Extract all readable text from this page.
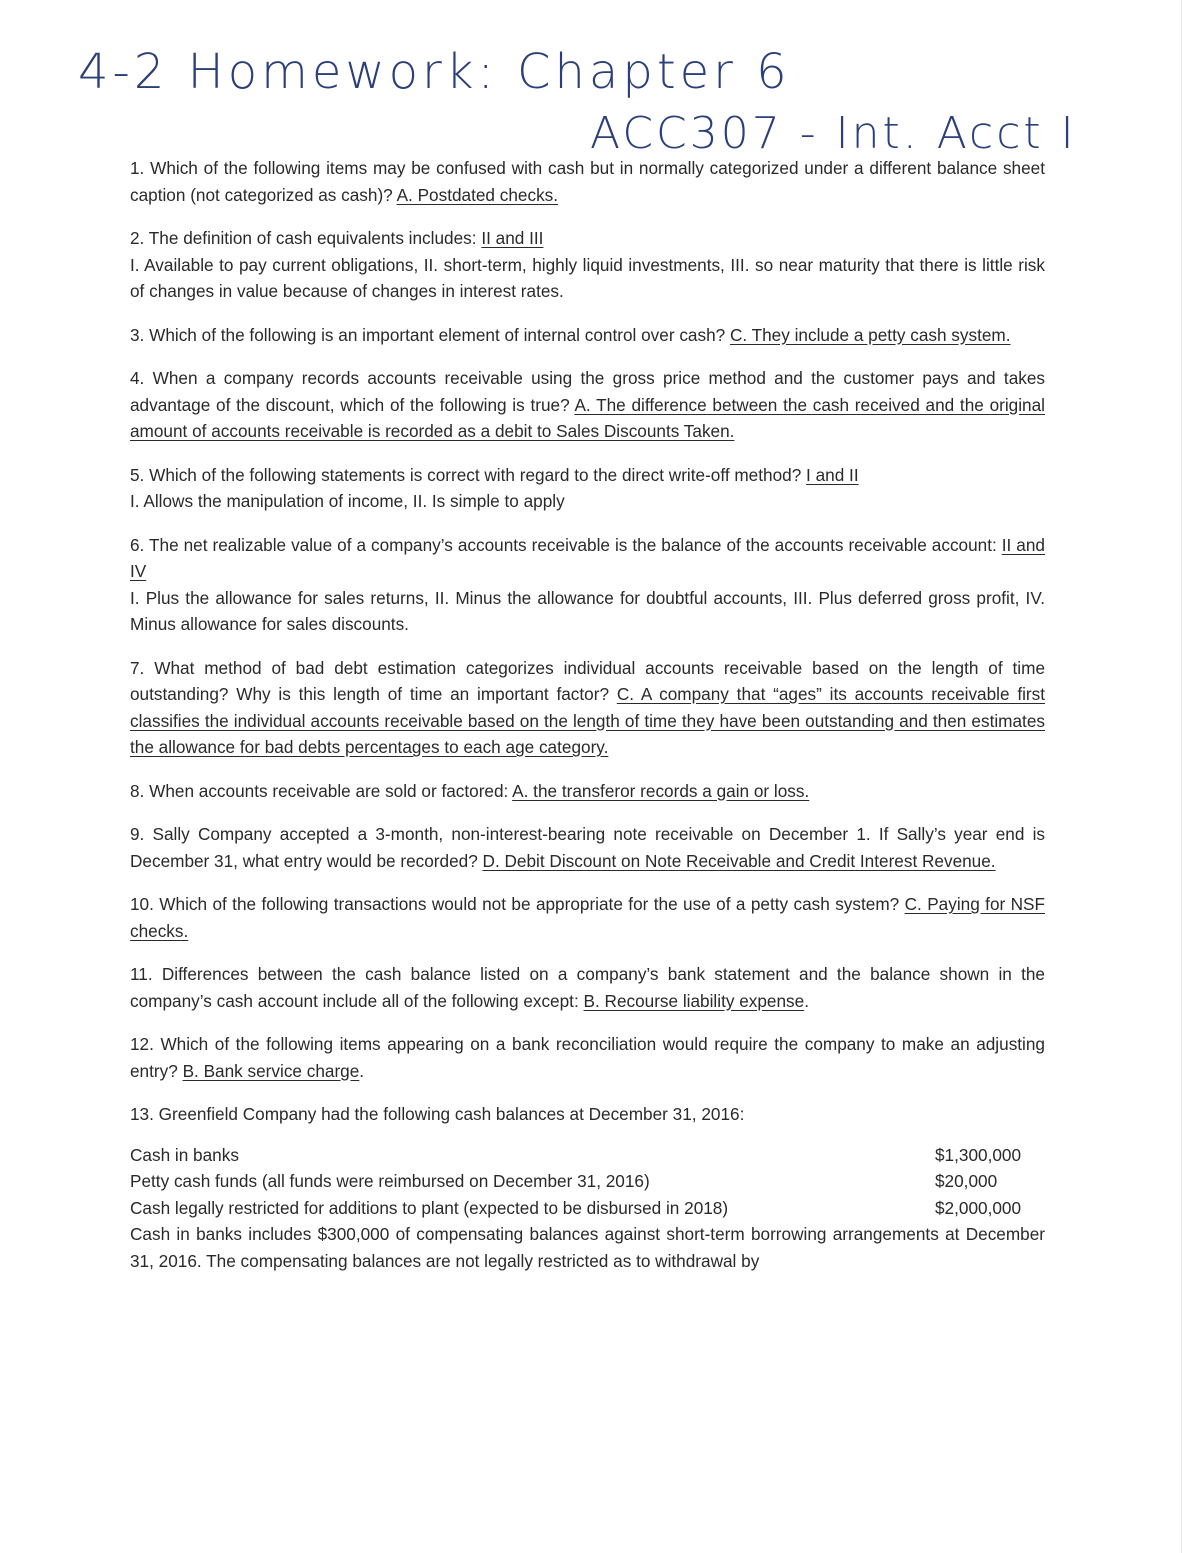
4-2 Homework: Chapter 6
ACC307 - Int. Acct I
1. Which of the following items may be confused with cash but in normally categorized under a different balance sheet caption (not categorized as cash)? A. Postdated checks.
2. The definition of cash equivalents includes: II and III
I. Available to pay current obligations, II. short-term, highly liquid investments, III. so near maturity that there is little risk of changes in value because of changes in interest rates.
3. Which of the following is an important element of internal control over cash? C. They include a petty cash system.
4. When a company records accounts receivable using the gross price method and the customer pays and takes advantage of the discount, which of the following is true? A. The difference between the cash received and the original amount of accounts receivable is recorded as a debit to Sales Discounts Taken.
5. Which of the following statements is correct with regard to the direct write-off method? I and II
I. Allows the manipulation of income, II. Is simple to apply
6. The net realizable value of a company’s accounts receivable is the balance of the accounts receivable account: II and IV
I. Plus the allowance for sales returns, II. Minus the allowance for doubtful accounts, III. Plus deferred gross profit, IV. Minus allowance for sales discounts.
7. What method of bad debt estimation categorizes individual accounts receivable based on the length of time outstanding? Why is this length of time an important factor? C. A company that “ages” its accounts receivable first classifies the individual accounts receivable based on the length of time they have been outstanding and then estimates the allowance for bad debts percentages to each age category.
8. When accounts receivable are sold or factored: A. the transferor records a gain or loss.
9. Sally Company accepted a 3-month, non-interest-bearing note receivable on December 1. If Sally’s year end is December 31, what entry would be recorded? D. Debit Discount on Note Receivable and Credit Interest Revenue.
10. Which of the following transactions would not be appropriate for the use of a petty cash system? C. Paying for NSF checks.
11. Differences between the cash balance listed on a company’s bank statement and the balance shown in the company’s cash account include all of the following except: B. Recourse liability expense.
12. Which of the following items appearing on a bank reconciliation would require the company to make an adjusting entry? B. Bank service charge.
13. Greenfield Company had the following cash balances at December 31, 2016:
Cash in banks	$1,300,000
Petty cash funds (all funds were reimbursed on December 31, 2016)	$20,000
Cash legally restricted for additions to plant (expected to be disbursed in 2018)	$2,000,000
Cash in banks includes $300,000 of compensating balances against short-term borrowing arrangements at December 31, 2016. The compensating balances are not legally restricted as to withdrawal by
